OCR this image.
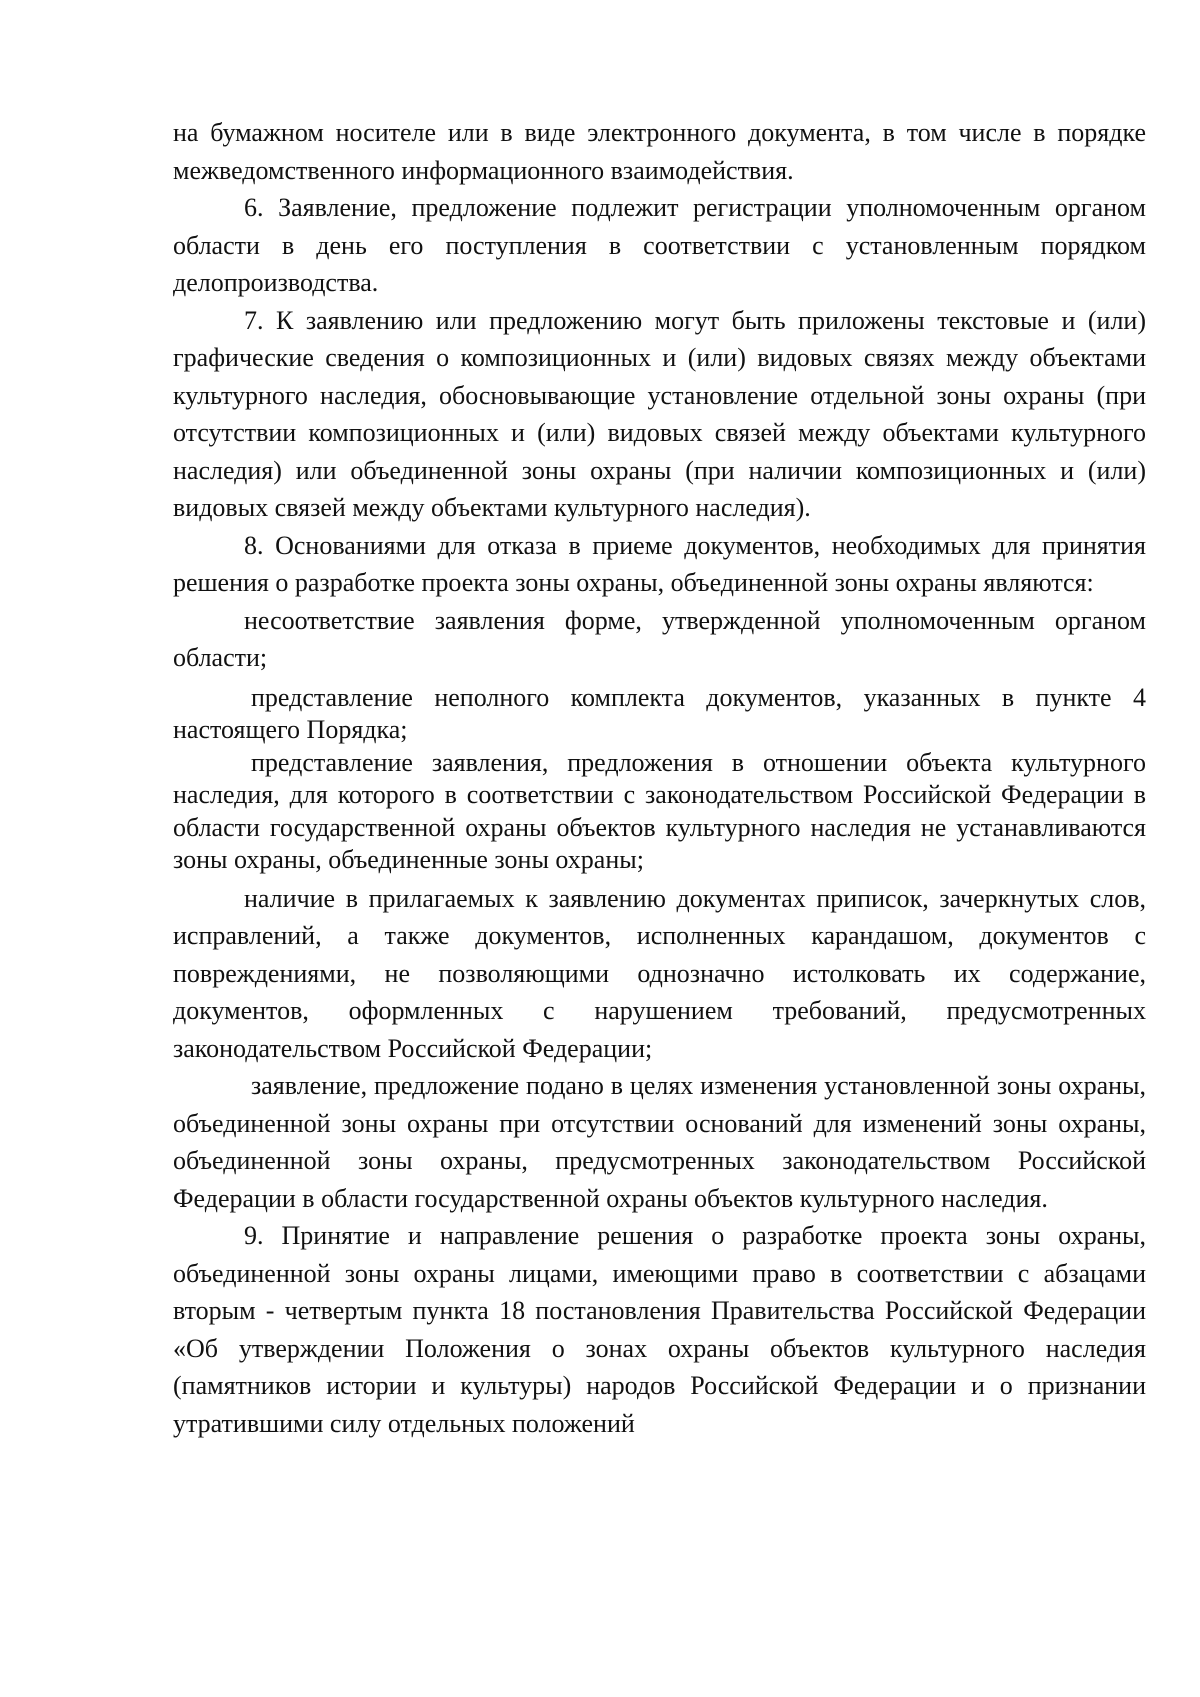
на бумажном носителе или в виде электронного документа, в том числе в порядке межведомственного информационного взаимодействия.

6. Заявление, предложение подлежит регистрации уполномоченным органом области в день его поступления в соответствии с установленным порядком делопроизводства.

7. К заявлению или предложению могут быть приложены текстовые и (или) графические сведения о композиционных и (или) видовых связях между объектами культурного наследия, обосновывающие установление отдельной зоны охраны (при отсутствии композиционных и (или) видовых связей между объектами культурного наследия) или объединенной зоны охраны (при наличии композиционных и (или) видовых связей между объектами культурного наследия).

8. Основаниями для отказа в приеме документов, необходимых для принятия решения о разработке проекта зоны охраны, объединенной зоны охраны являются:

несоответствие заявления форме, утвержденной уполномоченным органом области;

представление неполного комплекта документов, указанных в пункте 4 настоящего Порядка;

представление заявления, предложения в отношении объекта культурного наследия, для которого в соответствии с законодательством Российской Федерации в области государственной охраны объектов культурного наследия не устанавливаются зоны охраны, объединенные зоны охраны;

наличие в прилагаемых к заявлению документах приписок, зачеркнутых слов, исправлений, а также документов, исполненных карандашом, документов с повреждениями, не позволяющими однозначно истолковать их содержание, документов, оформленных с нарушением требований, предусмотренных законодательством Российской Федерации;

заявление, предложение подано в целях изменения установленной зоны охраны, объединенной зоны охраны при отсутствии оснований для изменений зоны охраны, объединенной зоны охраны, предусмотренных законодательством Российской Федерации в области государственной охраны объектов культурного наследия.

9. Принятие и направление решения о разработке проекта зоны охраны, объединенной зоны охраны лицами, имеющими право в соответствии с абзацами вторым - четвертым пункта 18 постановления Правительства Российской Федерации «Об утверждении Положения о зонах охраны объектов культурного наследия (памятников истории и культуры) народов Российской Федерации и о признании утратившими силу отдельных положений
